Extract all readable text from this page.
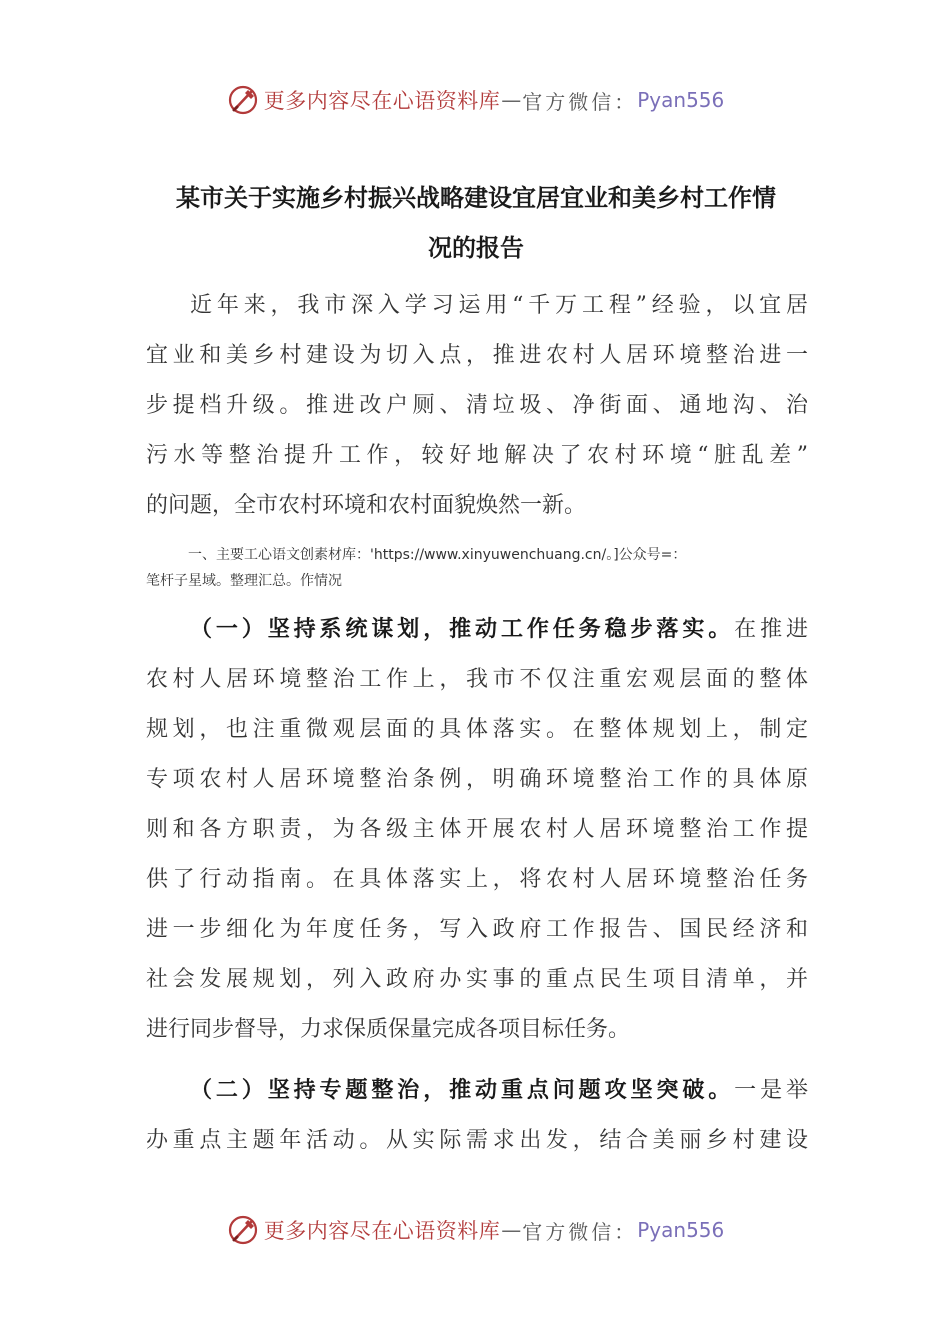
更多内容尽在心语资料库 — 官方微信： Pyan556
某市关于实施乡村振兴战略建设宜居宜业和美乡村工作情
况的报告
近年来，我市深入学习运用“千万工程”经验，以宜居
宜业和美乡村建设为切入点，推进农村人居环境整治进一
步提档升级。推进改户厕、清垃圾、净街面、通地沟、治
污水等整治提升工作，较好地解决了农村环境“脏乱差”
的问题，全市农村环境和农村面貌焕然一新。
一、主要工心语文创素材库：'https://www.xinyuwenchuang.cn/。]公众号=：
笔杆子星域。整理汇总。作情况
（一）坚持系统谋划，推动工作任务稳步落实。在推进
农村人居环境整治工作上，我市不仅注重宏观层面的整体
规划，也注重微观层面的具体落实。在整体规划上，制定
专项农村人居环境整治条例，明确环境整治工作的具体原
则和各方职责，为各级主体开展农村人居环境整治工作提
供了行动指南。在具体落实上，将农村人居环境整治任务
进一步细化为年度任务，写入政府工作报告、国民经济和
社会发展规划，列入政府办实事的重点民生项目清单，并
进行同步督导，力求保质保量完成各项目标任务。
（二）坚持专题整治，推动重点问题攻坚突破。一是举
办重点主题年活动。从实际需求出发，结合美丽乡村建设
更多内容尽在心语资料库 — 官方微信： Pyan556
